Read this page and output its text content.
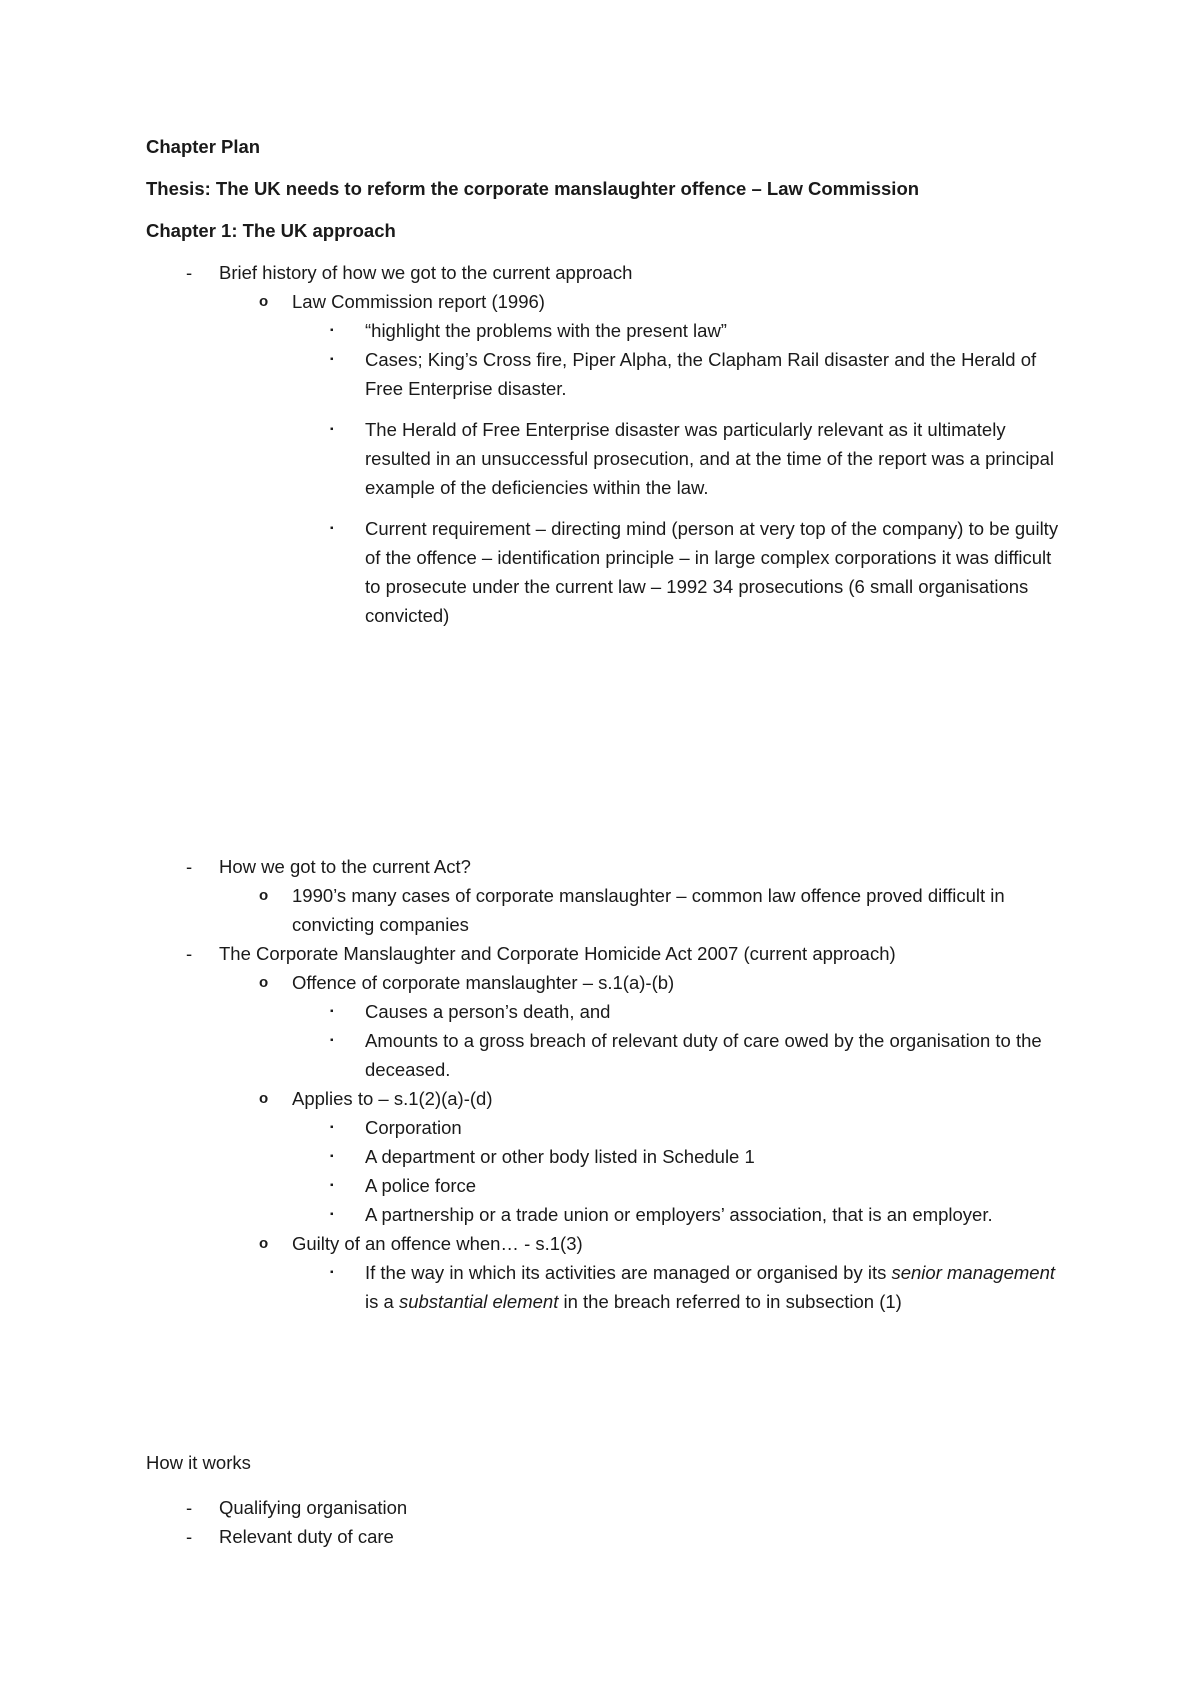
Chapter Plan
Thesis: The UK needs to reform the corporate manslaughter offence – Law Commission
Chapter 1: The UK approach
- Brief history of how we got to the current approach
o Law Commission report (1996)
▪ “highlight the problems with the present law”
▪ Cases; King’s Cross fire, Piper Alpha, the Clapham Rail disaster and the Herald of Free Enterprise disaster.
▪ The Herald of Free Enterprise disaster was particularly relevant as it ultimately resulted in an unsuccessful prosecution, and at the time of the report was a principal example of the deficiencies within the law.
▪ Current requirement – directing mind (person at very top of the company) to be guilty of the offence – identification principle – in large complex corporations it was difficult to prosecute under the current law – 1992 34 prosecutions (6 small organisations convicted)
- How we got to the current Act?
o 1990’s many cases of corporate manslaughter – common law offence proved difficult in convicting companies
- The Corporate Manslaughter and Corporate Homicide Act 2007 (current approach)
o Offence of corporate manslaughter – s.1(a)-(b)
▪ Causes a person’s death, and
▪ Amounts to a gross breach of relevant duty of care owed by the organisation to the deceased.
o Applies to – s.1(2)(a)-(d)
▪ Corporation
▪ A department or other body listed in Schedule 1
▪ A police force
▪ A partnership or a trade union or employers’ association, that is an employer.
o Guilty of an offence when… - s.1(3)
▪ If the way in which its activities are managed or organised by its senior management is a substantial element in the breach referred to in subsection (1)
How it works
- Qualifying organisation
- Relevant duty of care
